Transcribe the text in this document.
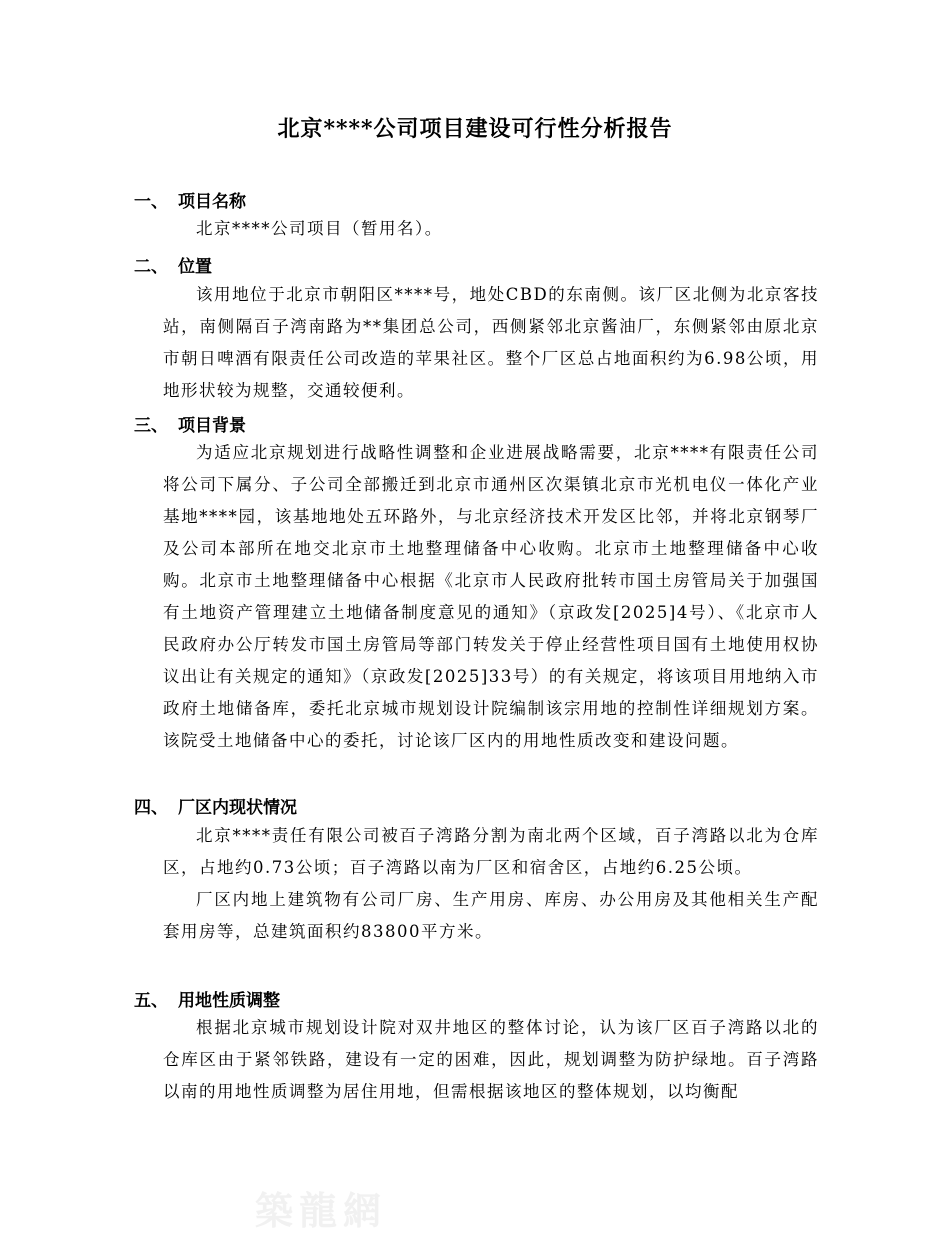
北京****公司项目建设可行性分析报告
一、 项目名称

北京****公司项目（暂用名）。

二、 位置

该用地位于北京市朝阳区****号，地处CBD的东南侧。该厂区北侧为北京客技站，南侧隔百子湾南路为**集团总公司，西侧紧邻北京酱油厂，东侧紧邻由原北京市朝日啤酒有限责任公司改造的苹果社区。整个厂区总占地面积约为6.98公顷，用地形状较为规整，交通较便利。

三、 项目背景

为适应北京规划进行战略性调整和企业进展战略需要，北京****有限责任公司将公司下属分、子公司全部搬迁到北京市通州区次渠镇北京市光机电仪一体化产业基地****园，该基地地处五环路外，与北京经济技术开发区比邻，并将北京钢琴厂及公司本部所在地交北京市土地整理储备中心收购。北京市土地整理储备中心收购。北京市土地整理储备中心根据《北京市人民政府批转市国土房管局关于加强国有土地资产管理建立土地储备制度意见的通知》（京政发[2025]4号）、《北京市人民政府办公厅转发市国土房管局等部门转发关于停止经营性项目国有土地使用权协议出让有关规定的通知》（京政发[2025]33号）的有关规定，将该项目用地纳入市政府土地储备库，委托北京城市规划设计院编制该宗用地的控制性详细规划方案。该院受土地储备中心的委托，讨论该厂区内的用地性质改变和建设问题。

四、 厂区内现状情况

北京****责任有限公司被百子湾路分割为南北两个区域，百子湾路以北为仓库区，占地约0.73公顷；百子湾路以南为厂区和宿舍区，占地约6.25公顷。

厂区内地上建筑物有公司厂房、生产用房、库房、办公用房及其他相关生产配套用房等，总建筑面积约83800平方米。

五、 用地性质调整

根据北京城市规划设计院对双井地区的整体讨论，认为该厂区百子湾路以北的仓库区由于紧邻铁路，建设有一定的困难，因此，规划调整为防护绿地。百子湾路以南的用地性质调整为居住用地，但需根据该地区的整体规划，以均衡配

築龍網
